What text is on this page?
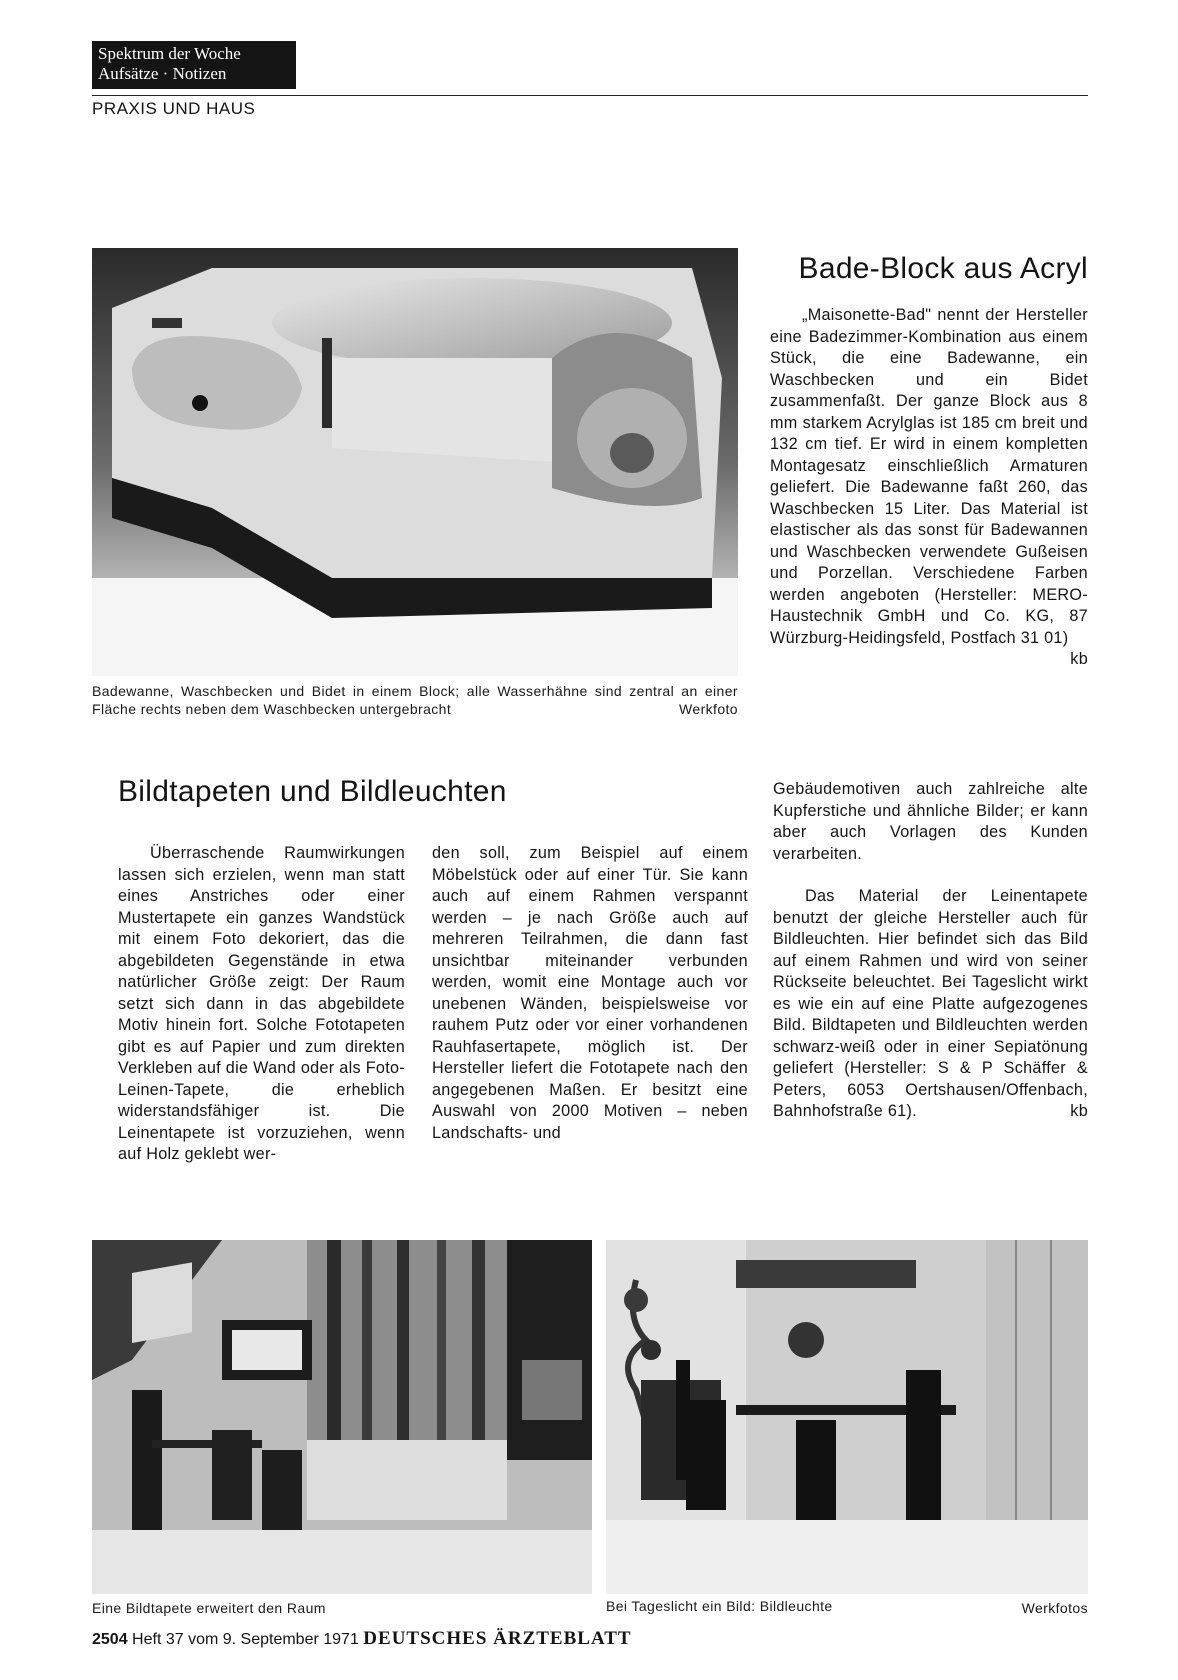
Spektrum der Woche
Aufsätze · Notizen
PRAXIS UND HAUS
Badewanne, Waschbecken und Bidet in einem Block; alle Wasserhähne sind zentral an einer Fläche rechts neben dem Waschbecken untergebracht	Werkfoto
Bade-Block aus Acryl

„Maisonette-Bad" nennt der Hersteller eine Badezimmer-Kombination aus einem Stück, die eine Badewanne, ein Waschbecken und ein Bidet zusammenfaßt. Der ganze Block aus 8 mm starkem Acrylglas ist 185 cm breit und 132 cm tief. Er wird in einem kompletten Montagesatz einschließlich Armaturen geliefert. Die Badewanne faßt 260, das Waschbecken 15 Liter. Das Material ist elastischer als das sonst für Badewannen und Waschbecken verwendete Gußeisen und Porzellan. Verschiedene Farben werden angeboten (Hersteller: MERO-Haustechnik GmbH und Co. KG, 87 Würzburg-Heidingsfeld, Postfach 31 01)
kb

Bildtapeten und Bildleuchten

Überraschende Raumwirkungen lassen sich erzielen, wenn man statt eines Anstriches oder einer Mustertapete ein ganzes Wandstück mit einem Foto dekoriert, das die abgebildeten Gegenstände in etwa natürlicher Größe zeigt: Der Raum setzt sich dann in das abgebildete Motiv hinein fort. Solche Fototapeten gibt es auf Papier und zum direkten Verkleben auf die Wand oder als Foto-Leinen-Tapete, die erheblich widerstandsfähiger ist. Die Leinentapete ist vorzuziehen, wenn auf Holz geklebt wer-

den soll, zum Beispiel auf einem Möbelstück oder auf einer Tür. Sie kann auch auf einem Rahmen verspannt werden – je nach Größe auch auf mehreren Teilrahmen, die dann fast unsichtbar miteinander verbunden werden, womit eine Montage auch vor unebenen Wänden, beispielsweise vor rauhem Putz oder vor einer vorhandenen Rauhfasertapete, möglich ist. Der Hersteller liefert die Fototapete nach den angegebenen Maßen. Er besitzt eine Auswahl von 2000 Motiven – neben Landschafts- und

Gebäudemotiven auch zahlreiche alte Kupferstiche und ähnliche Bilder; er kann aber auch Vorlagen des Kunden verarbeiten.

Das Material der Leinentapete benutzt der gleiche Hersteller auch für Bildleuchten. Hier befindet sich das Bild auf einem Rahmen und wird von seiner Rückseite beleuchtet. Bei Tageslicht wirkt es wie ein auf eine Platte aufgezogenes Bild. Bildtapeten und Bildleuchten werden schwarz-weiß oder in einer Sepiatönung geliefert (Hersteller: S & P Schäffer & Peters, 6053 Oertshausen/Offenbach, Bahnhofstraße 61).	kb

Eine Bildtapete erweitert den Raum	Bei Tageslicht ein Bild: Bildleuchte	Werkfotos
2504 Heft 37 vom 9. September 1971 DEUTSCHES ÄRZTEBLATT
